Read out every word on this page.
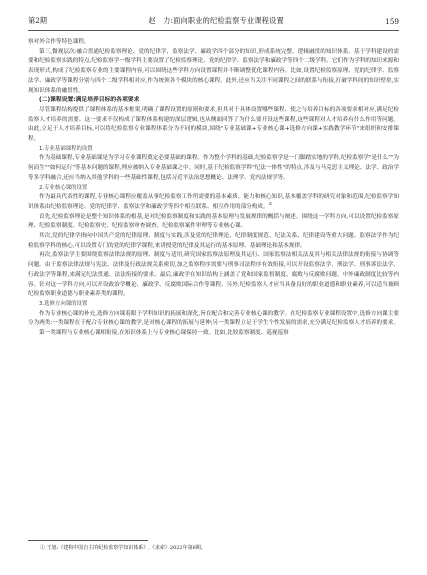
第2期	赵　力:面向职业的纪检监察专业课程设置	159

察对外合作等特色课程。

第三,微观层次:融合贯通纪检监察理论、党的纪律学、监察法学、廉政学四个部分的知识,形成系统完整、逻辑融贯的知识体系。基于学科建设的需要和纪检监察实践的特点,纪检监察学一级学科主要设置了纪检监察理论、党的纪律学、监察法学和廉政学等四个二级学科。它们作为学科的知识来源和表现形式,构成了纪检监察专业的主要课程内容,可以围绕这些学科方向设置课程并不断调整优化课程内容。比如,设置纪检监察原理、党的纪律学、监察法学、廉政学等课程分别与四个二级学科相对应,作为统领各个模块的核心课程。此外,还应当关注不同课程之间的联系与衔接,打破学科间的知识壁垒,实现知识体系的融贯性。

(二)课程设置:满足培养目标的各项要求

尽管课程结构提供了课程体系的基本框架,明确了课程设置的原则和要求,但其对于具体设置哪些课程、使之与培养目标的各项要求相对应,满足纪检监察人才培养的需要。这一要求不仅构成了课程体系构建的深层逻辑,也从侧面回答了为什么要开设这些课程,这些课程对人才培养有什么作用等问题。由此,立足于人才培养目标,可以将纪检监察专业课程体系分为不同的模块,围绕"专业基础课+专业核心课+选修方向课+实践教学环节"来组织和安排课程。

1.专业基础课程的设置

作为基础课程,专业基础课是为学习专业课程奠定必要基础的课程。作为整个学科的基础,纪检监察学是一门脚踏实地的学科,纪检监察学"是什么""为何而生""如何运行"等基本问题的课程,理应被纳入专业基础课之中。同时,基于纪检监察学科"纪法一体性"的特点,涉及与马克思主义理论、法学、政治学等多学科融合,还应当纳入其他学科的一些基础性课程,包括习近平法治思想概论、法理学、党内法规学等。

2.专业核心课的设置

作为最具代表性的课程,专业核心课程应覆盖从事纪检监察工作所需要的基本素质、能力和核心知识,基本覆盖学科的研究对象和范围,纪检监察学知识体系由纪检监察理论、党的纪律学、监察法学和廉政学等四个相互联系、相互作用的部分构成。①

首先,纪检监察理论是整个知识体系的根基,是对纪检监察制度和实践的基本原理与发展规律的概括与阐述。围绕这一学科方向,可以设置纪检监察原理、纪检监察制度、纪检监察史、纪检监察审查调查、纪检监察案件审理等专业核心课。

其次,党的纪律学指向中国共产党的纪律原理、制度与实践,涉及党的纪律理论、纪律制度规范、纪法关系、纪律建设等重大问题。监察法学作为纪检监察学科的核心,可以设置专门的党的纪律学课程,来讲授党的纪律及其运行的基本原理、基础理论和基本规律。

再次,监察法学主要围绕监察法律法规的原理、制度与适用,研究国家监察法原理及其运行、国家监察法相关法及其与相关法律法规的衔接与协调等问题。由于监察法律法规与宪法、法律及行政法规关系密切,加之监察程序需要与刑事司法程序有效衔接,可以开设监察法学、刑法学、刑事诉讼法学、行政法学等课程,来满足纪法贯通、法法衔接的要求。最后,廉政学在知识结构上涵盖了党和国家监督制度、腐败与反腐败问题、中外廉政制度比较等内容。针对这一学科方向,可以开设政治学概论、廉政学、反腐败国际合作等课程。另外,纪检监察人才应当具备良好的职业道德和职业素养,可以适当兼顾纪检监察职业道德与职业素养类的课程。

3.选修方向课的设置

作为专业核心课的补充,选修方向课着眼于学科知识的拓展和深化,旨在配合和完善专业核心课的教学。在纪检监察专业课程设置中,选修方向课主要分为两类:一类课程在于配合专业核心课的教学,是对核心课程的拓展与延伸;另一类课程立足于学生个性发展的需求,充分满足纪检监察人才培养的要求。

第一类课程与专业核心课相衔接,在知识体系上与专业核心课保持一致。比如,比较监察制度、巡视巡察

① 王旭:《建构中国自主的纪检监察学知识体系》,《求索》2022年第6期。
